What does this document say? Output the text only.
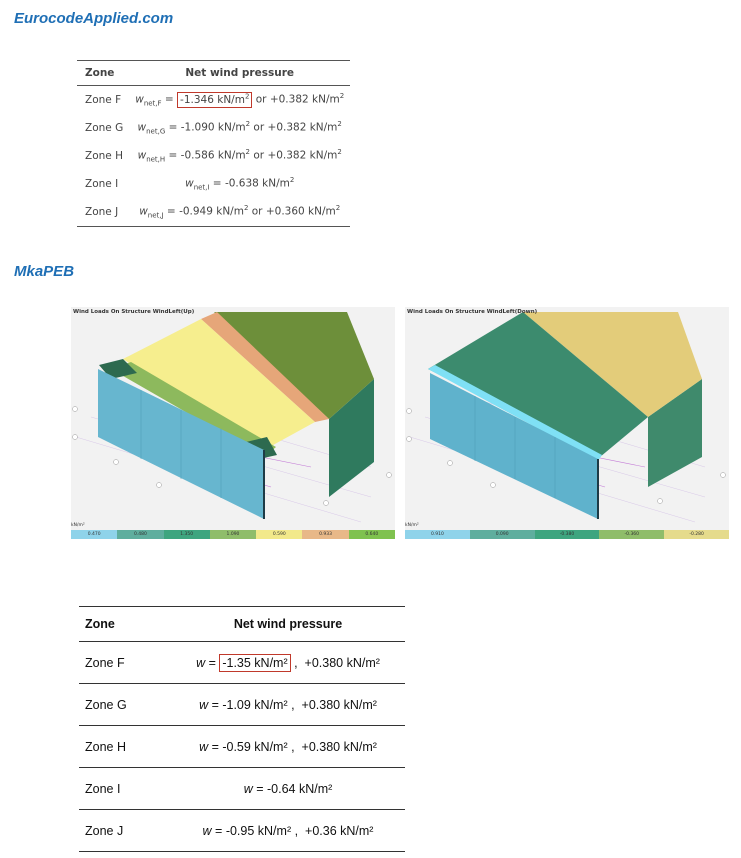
EurocodeApplied.com
Zone	Net wind pressure
Zone F	$w_{net,F} = -1.346$ $kN/m^2$ or +0.382 $kN/m^2$
Zone G	$w_{net,G} = -1.090$ $kN/m^2$ or +0.382 $kN/m^2$
Zone H	$w_{net,H} = -0.586$ $kN/m^2$ or +0.382 $kN/m^2$
Zone I	$w_{net,I} = -0.638$ $kN/m^2$
Zone J	$w_{net,J} = -0.949$ $kN/m^2$ or +0.360 $kN/m^2$
MkaPEB
Wind Loads On Structure WindLeft(Up)
kN/m²
0.470	0.480	1.350	1.090	0.590	0.933	0.640
Wind Loads On Structure WindLeft(Down)
kN/m²
0.910	0.090	-0.380	-0.360	-0.280
Zone	Net wind pressure
Zone F	w = -1.35 kN/m² ,  +0.380 kN/m²
Zone G	w = -1.09 kN/m² ,  +0.380 kN/m²
Zone H	w = -0.59 kN/m² ,  +0.380 kN/m²
Zone I	w = -0.64 kN/m²
Zone J	w = -0.95 kN/m² ,  +0.36 kN/m²
